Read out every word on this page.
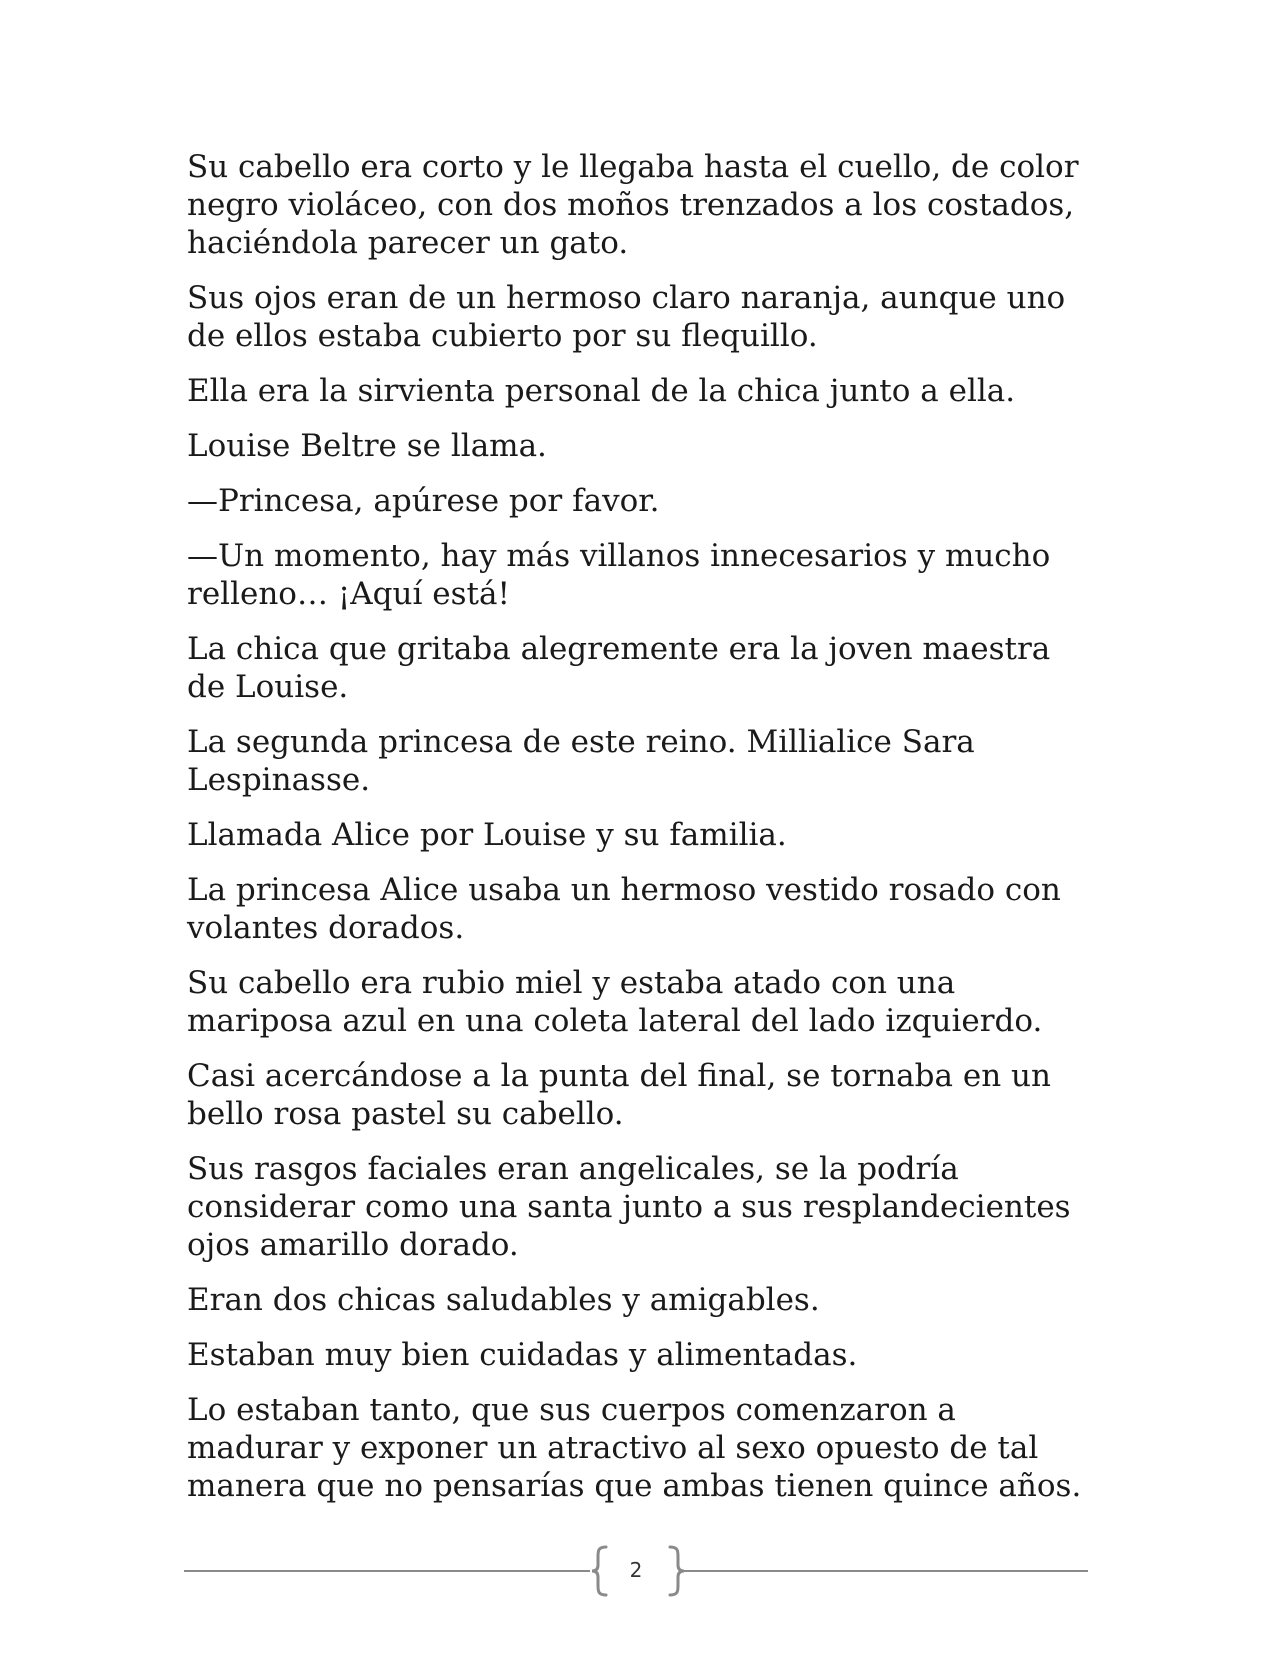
Su cabello era corto y le llegaba hasta el cuello, de color negro violáceo, con dos moños trenzados a los costados, haciéndola parecer un gato.

Sus ojos eran de un hermoso claro naranja, aunque uno de ellos estaba cubierto por su flequillo.

Ella era la sirvienta personal de la chica junto a ella.

Louise Beltre se llama.

—Princesa, apúrese por favor.

—Un momento, hay más villanos innecesarios y mucho relleno… ¡Aquí está!

La chica que gritaba alegremente era la joven maestra de Louise.

La segunda princesa de este reino. Millialice Sara Lespinasse.

Llamada Alice por Louise y su familia.

La princesa Alice usaba un hermoso vestido rosado con volantes dorados.

Su cabello era rubio miel y estaba atado con una mariposa azul en una coleta lateral del lado izquierdo.

Casi acercándose a la punta del final, se tornaba en un bello rosa pastel su cabello.

Sus rasgos faciales eran angelicales, se la podría considerar como una santa junto a sus resplandecientes ojos amarillo dorado.

Eran dos chicas saludables y amigables.

Estaban muy bien cuidadas y alimentadas.

Lo estaban tanto, que sus cuerpos comenzaron a madurar y exponer un atractivo al sexo opuesto de tal manera que no pensarías que ambas tienen quince años.

2
